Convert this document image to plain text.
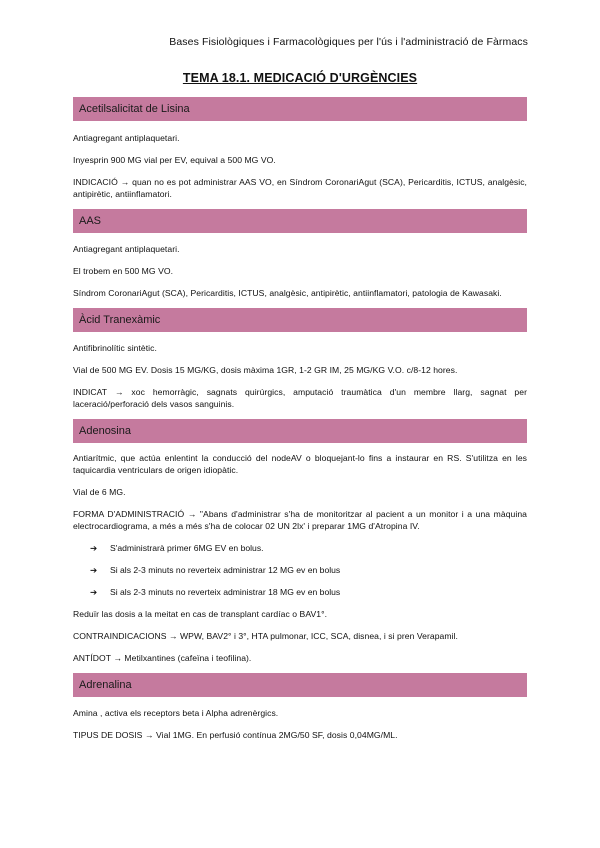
Bases Fisiològiques i Farmacològiques per l'ús i l'administració de Fàrmacs
TEMA 18.1. MEDICACIÓ D'URGÈNCIES
Acetilsalicitat de Lisina

Antiagregant antiplaquetari.

Inyesprin 900 MG vial per EV, equival a 500 MG VO.

INDICACIÓ → quan no es pot administrar AAS VO, en Síndrom CoronariAgut (SCA), Pericarditis, ICTUS, analgèsic, antipirètic, antiinflamatori.

AAS

Antiagregant antiplaquetari.

El trobem en 500 MG VO.

Síndrom CoronariAgut (SCA), Pericarditis, ICTUS, analgèsic, antipirètic, antiinflamatori, patologia de Kawasaki.

Àcid Tranexàmic

Antifibrinolític sintètic.

Vial de 500 MG EV. Dosis 15 MG/KG, dosis màxima 1GR, 1-2 GR IM, 25 MG/KG V.O. c/8-12 hores.

INDICAT → xoc hemorràgic, sagnats quirúrgics, amputació traumàtica d'un membre llarg, sagnat per laceració/perforació dels vasos sanguinis.

Adenosina

Antiarítmic, que actúa enlentint la conducció del nodeAV o bloquejant-lo fins a instaurar en RS. S'utilitza en les taquicardia ventriculars de origen idiopàtic.

Vial de 6 MG.

FORMA D'ADMINISTRACIÓ → "Abans d'administrar s'ha de monitoritzar al pacient a un monitor i a una màquina electrocardiograma, a més a més s'ha de colocar 02 UN 2lx' i preparar 1MG d'Atropina IV.

➔ S'administrarà primer 6MG EV en bolus.
➔ Si als 2-3 minuts no reverteix administrar 12 MG ev en bolus
➔ Si als 2-3 minuts no reverteix administrar 18 MG ev en bolus

Reduïr las dosis a la meitat en cas de transplant cardíac o BAV1°.

CONTRAINDICACIONS → WPW, BAV2° i 3°, HTA pulmonar, ICC, SCA, disnea, i si pren Verapamil.

ANTÍDOT → Metilxantines (cafeïna i teofilina).

Adrenalina

Amina , activa els receptors beta i Alpha adrenèrgics.

TIPUS DE DOSIS → Vial 1MG. En perfusió contínua 2MG/50 SF, dosis 0,04MG/ML.
